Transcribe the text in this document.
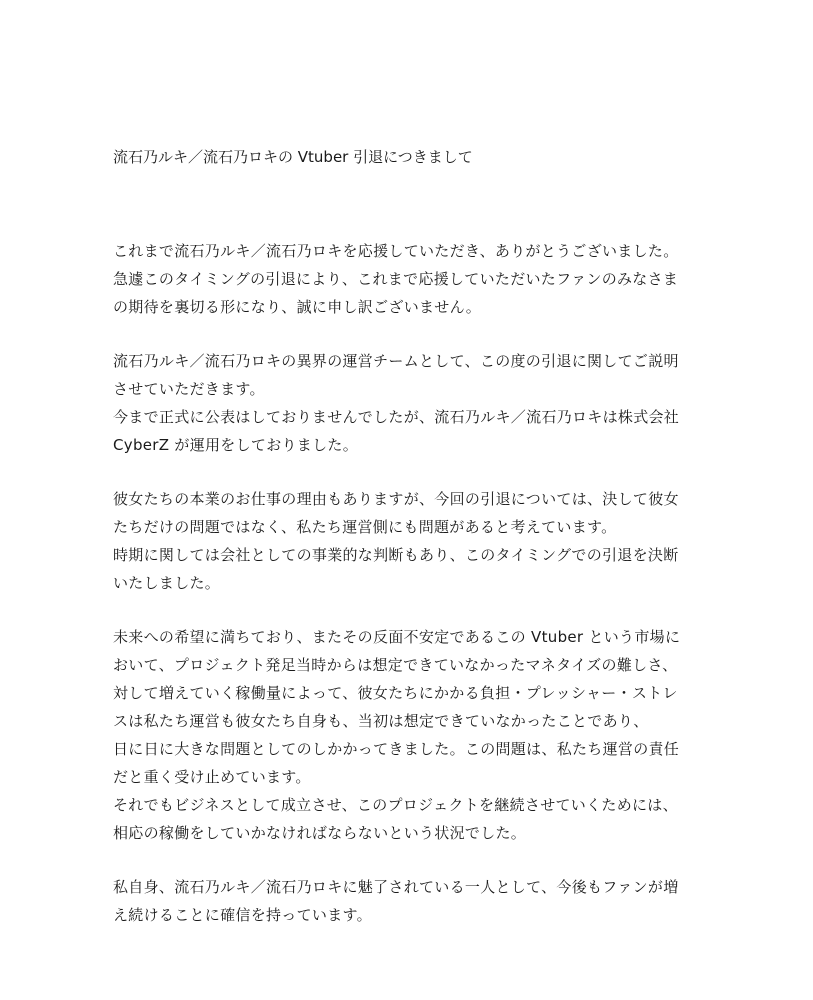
流石乃ルキ／流石乃ロキの Vtuber 引退につきまして
これまで流石乃ルキ／流石乃ロキを応援していただき、ありがとうございました。
急遽このタイミングの引退により、これまで応援していただいたファンのみなさま
の期待を裏切る形になり、誠に申し訳ございません。
流石乃ルキ／流石乃ロキの異界の運営チームとして、この度の引退に関してご説明
させていただきます。
今まで正式に公表はしておりませんでしたが、流石乃ルキ／流石乃ロキは株式会社
CyberZ が運用をしておりました。
彼女たちの本業のお仕事の理由もありますが、今回の引退については、決して彼女
たちだけの問題ではなく、私たち運営側にも問題があると考えています。
時期に関しては会社としての事業的な判断もあり、このタイミングでの引退を決断
いたしました。
未来への希望に満ちており、またその反面不安定であるこの Vtuber という市場に
おいて、プロジェクト発足当時からは想定できていなかったマネタイズの難しさ、
対して増えていく稼働量によって、彼女たちにかかる負担・プレッシャー・ストレ
スは私たち運営も彼女たち自身も、当初は想定できていなかったことであり、
日に日に大きな問題としてのしかかってきました。この問題は、私たち運営の責任
だと重く受け止めています。
それでもビジネスとして成立させ、このプロジェクトを継続させていくためには、
相応の稼働をしていかなければならないという状況でした。
私自身、流石乃ルキ／流石乃ロキに魅了されている一人として、今後もファンが増
え続けることに確信を持っています。
